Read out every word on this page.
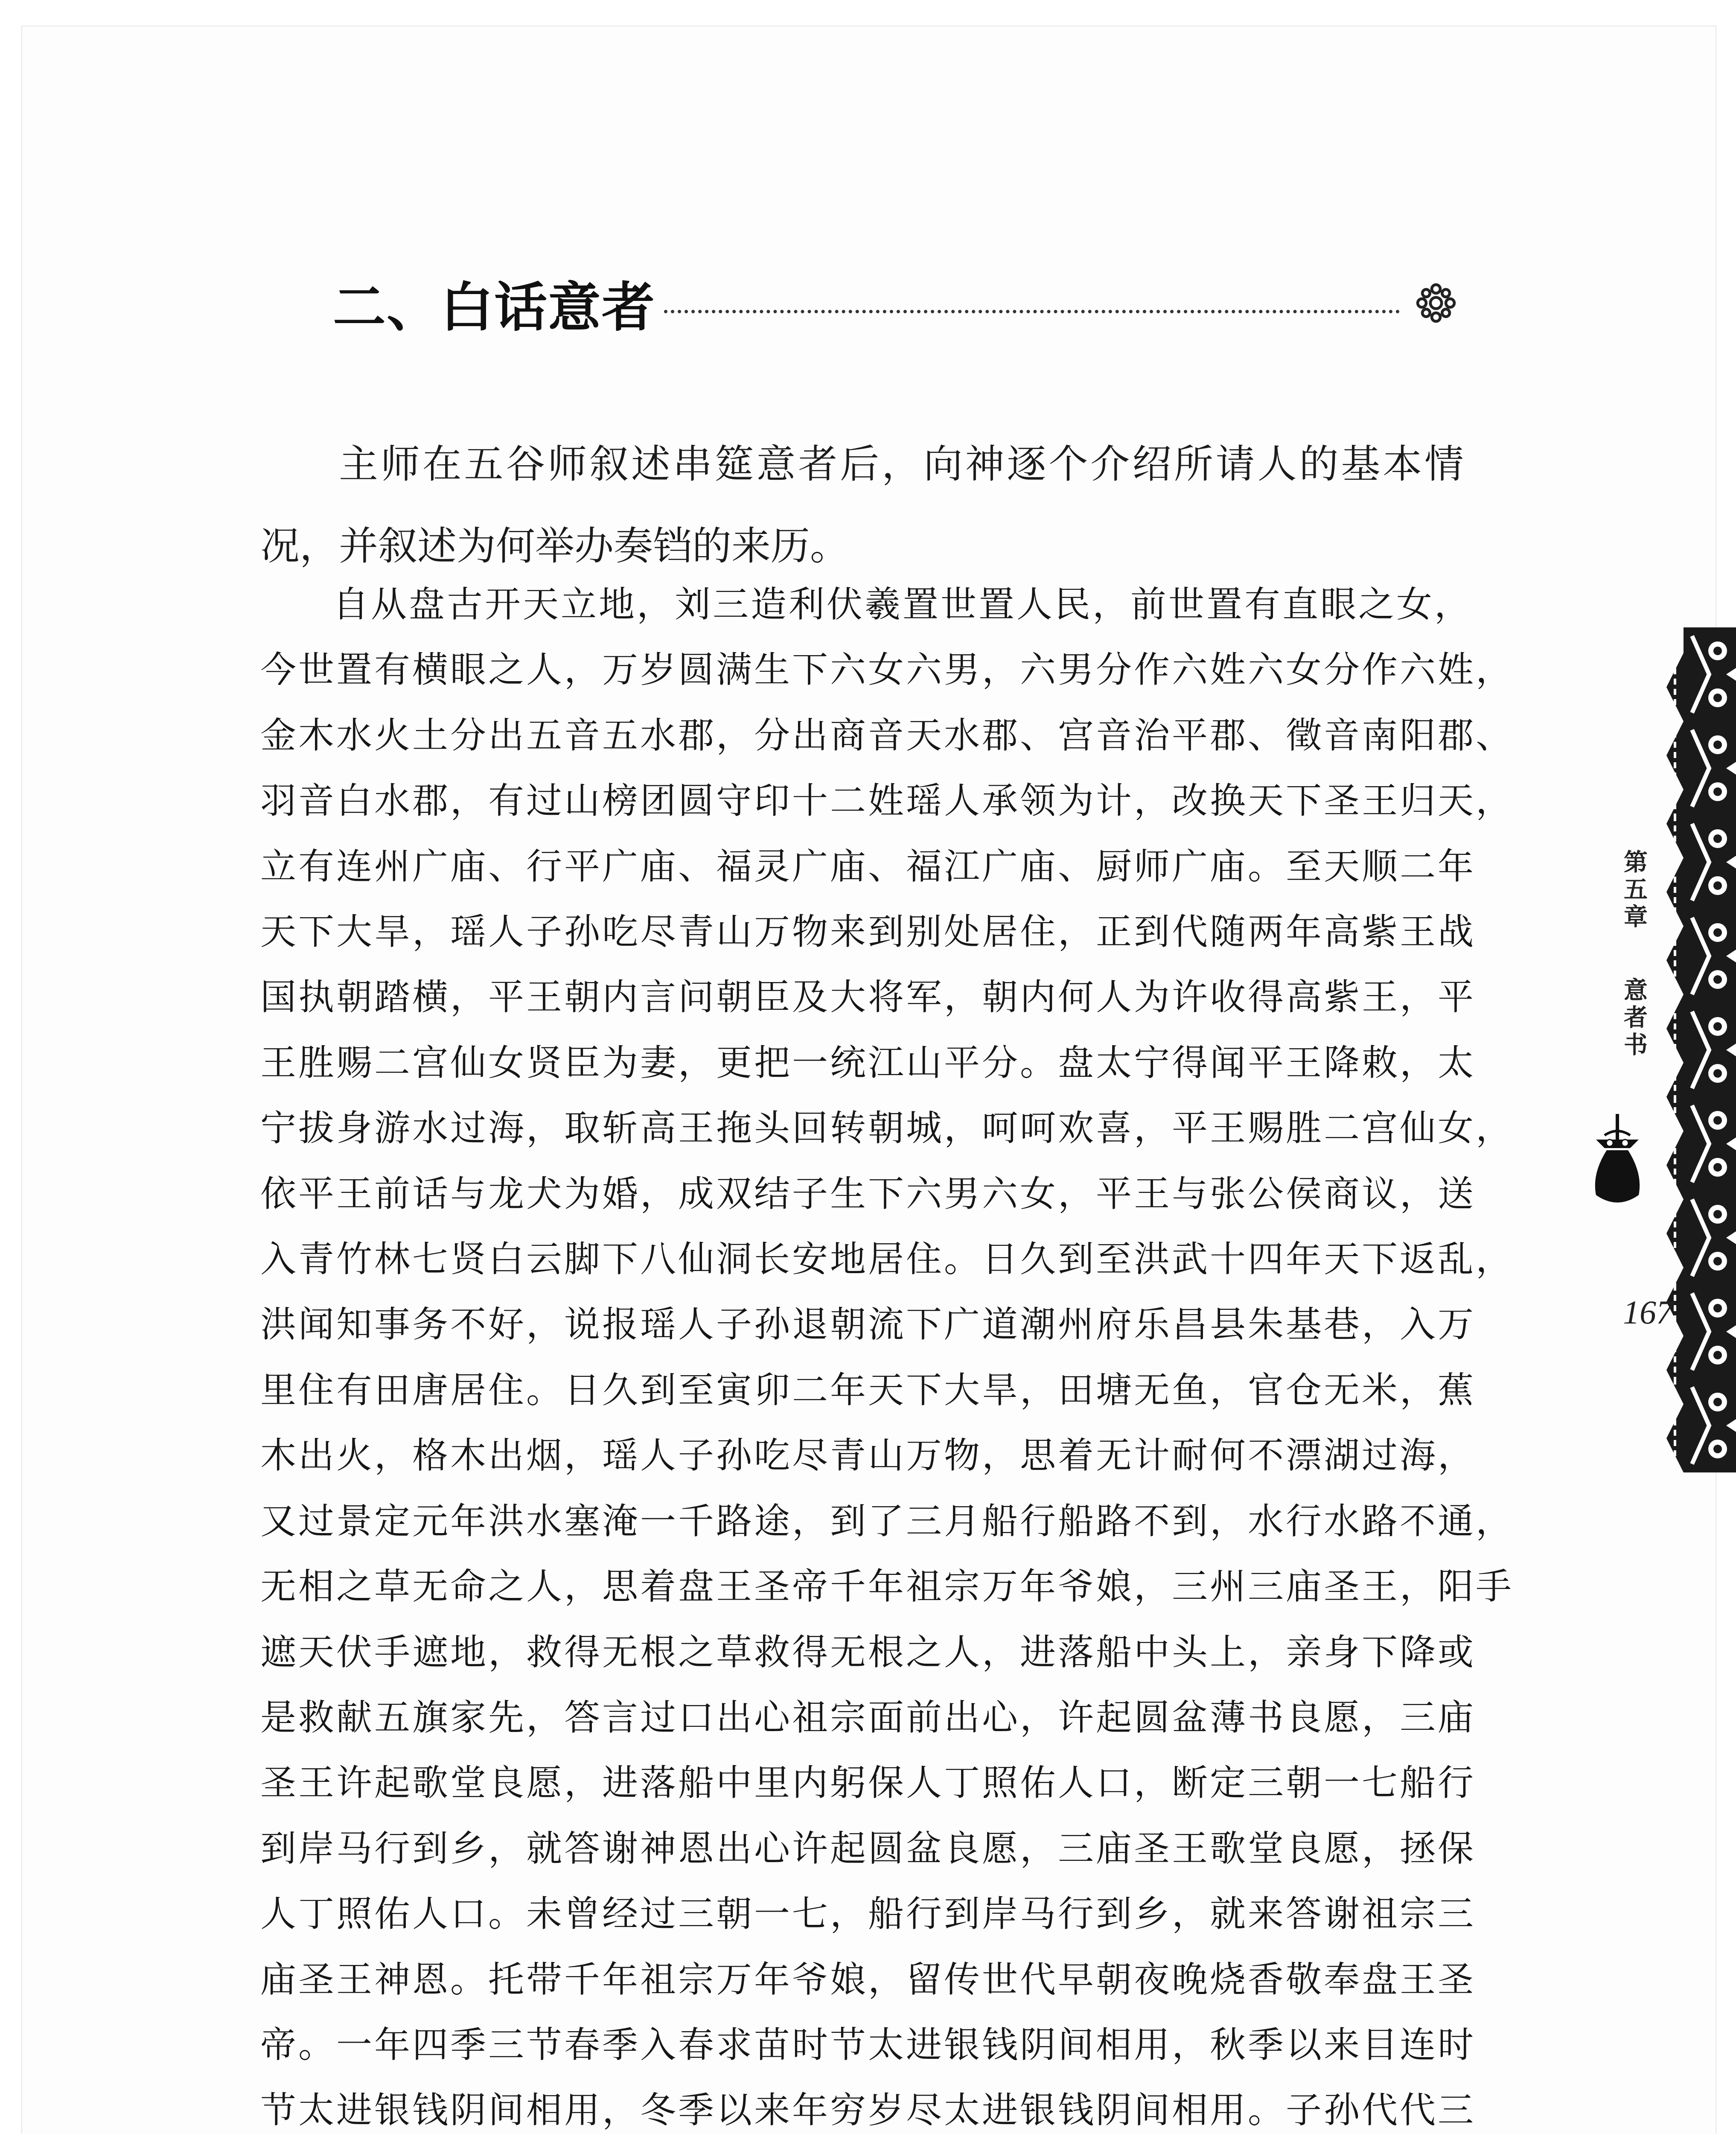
二、白话意者

主师在五谷师叙述串筵意者后，向神逐个介绍所请人的基本情况，并叙述为何举办奏铛的来历。

自从盘古开天立地，刘三造利伏羲置世置人民，前世置有直眼之女，
今世置有横眼之人，万岁圆满生下六女六男，六男分作六姓六女分作六姓，
金木水火土分出五音五水郡，分出商音天水郡、宫音治平郡、徵音南阳郡、
羽音白水郡，有过山榜团圆守印十二姓瑶人承领为计，改换天下圣王归天，
立有连州广庙、行平广庙、福灵广庙、福江广庙、厨师广庙。至天顺二年
天下大旱，瑶人子孙吃尽青山万物来到别处居住，正到代随两年高紫王战
国执朝踏横，平王朝内言问朝臣及大将军，朝内何人为许收得高紫王，平
王胜赐二宫仙女贤臣为妻，更把一统江山平分。盘太宁得闻平王降敕，太
宁拔身游水过海，取斩高王拖头回转朝城，呵呵欢喜，平王赐胜二宫仙女，
依平王前话与龙犬为婚，成双结子生下六男六女，平王与张公侯商议，送
入青竹林七贤白云脚下八仙洞长安地居住。日久到至洪武十四年天下返乱，
洪闻知事务不好，说报瑶人子孙退朝流下广道潮州府乐昌县朱基巷，入万
里住有田唐居住。日久到至寅卯二年天下大旱，田塘无鱼，官仓无米，蕉
木出火，格木出烟，瑶人子孙吃尽青山万物，思着无计耐何不漂湖过海，
又过景定元年洪水塞淹一千路途，到了三月船行船路不到，水行水路不通，
无相之草无命之人，思着盘王圣帝千年祖宗万年爷娘，三州三庙圣王，阳手
遮天伏手遮地，救得无根之草救得无根之人，进落船中头上，亲身下降或
是救献五旗家先，答言过口出心祖宗面前出心，许起圆盆薄书良愿，三庙
圣王许起歌堂良愿，进落船中里内躬保人丁照佑人口，断定三朝一七船行
到岸马行到乡，就答谢神恩出心许起圆盆良愿，三庙圣王歌堂良愿，拯保
人丁照佑人口。未曾经过三朝一七，船行到岸马行到乡，就来答谢祖宗三
庙圣王神恩。托带千年祖宗万年爷娘，留传世代早朝夜晚烧香敬奉盘王圣
帝。一年四季三节春季入春求苗时节太进银钱阴间相用，秋季以来目连时
节太进银钱阴间相用，冬季以来年穷岁尽太进银钱阴间相用。子孙代代三
第五章
意者书
167
